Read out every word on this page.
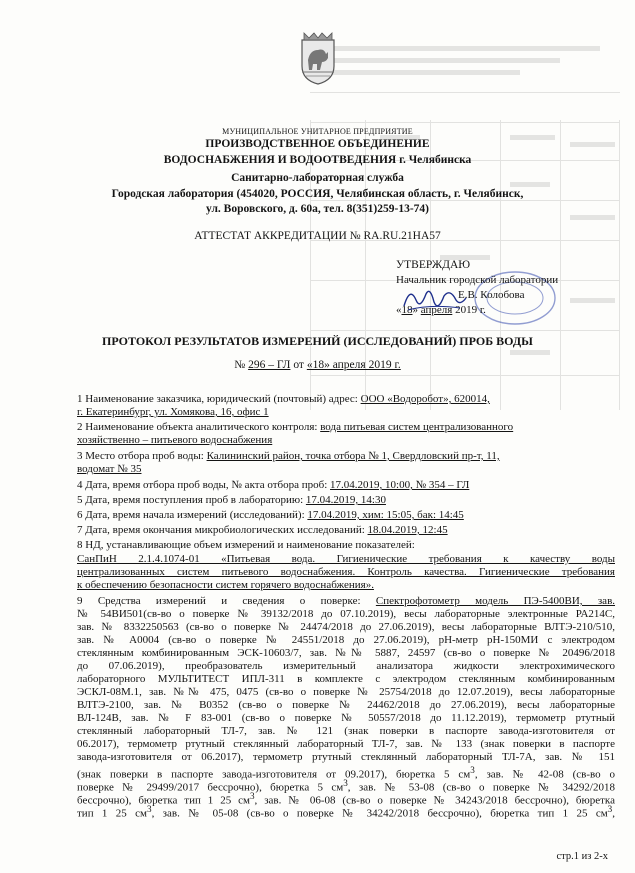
МУНИЦИПАЛЬНОЕ УНИТАРНОЕ ПРЕДПРИЯТИЕ
ПРОИЗВОДСТВЕННОЕ ОБЪЕДИНЕНИЕ
ВОДОСНАБЖЕНИЯ И ВОДООТВЕДЕНИЯ г. Челябинска
Санитарно-лабораторная служба
Городская лаборатория (454020, РОССИЯ, Челябинская область, г. Челябинск,
ул. Воровского, д. 60а, тел. 8(351)259-13-74)
АТТЕСТАТ АККРЕДИТАЦИИ № RA.RU.21HA57
УТВЕРЖДАЮ
Начальник городской лаборатории
Е.В. Колобова
«18» апреля 2019 г.
ПРОТОКОЛ РЕЗУЛЬТАТОВ ИЗМЕРЕНИЙ (ИССЛЕДОВАНИЙ) ПРОБ ВОДЫ
№ 296 – ГЛ от «18» апреля 2019 г.
1 Наименование заказчика, юридический (почтовый) адрес: ООО «Водоробот», 620014,
г. Екатеринбург, ул. Хомякова, 16, офис 1
2 Наименование объекта аналитического контроля: вода питьевая систем централизованного
хозяйственно – питьевого водоснабжения
3 Место отбора проб воды: Калининский район, точка отбора № 1, Свердловский пр-т, 11,
водомат № 35
4 Дата, время отбора проб воды, № акта отбора проб: 17.04.2019, 10:00, № 354 – ГЛ
5 Дата, время поступления проб в лабораторию: 17.04.2019, 14:30
6 Дата, время начала измерений (исследований): 17.04.2019, хим: 15:05, бак: 14:45
7 Дата, время окончания микробиологических исследований: 18.04.2019, 12:45
8 НД, устанавливающие объем измерений и наименование показателей:
СанПиН 2.1.4.1074-01 «Питьевая вода. Гигиенические требования к качеству воды
централизованных систем питьевого водоснабжения. Контроль качества. Гигиенические требования
к обеспечению безопасности систем горячего водоснабжения».
9 Средства измерений и сведения о поверке: Спектрофотометр модель ПЭ-5400ВИ, зав.
№ 54ВИ501(св-во о поверке № 39132/2018 до 07.10.2019), весы лабораторные электронные РА214С,
зав. № 8332250563 (св-во о поверке № 24474/2018 до 27.06.2019), весы лабораторные ВЛТЭ-210/510,
зав. № А0004 (св-во о поверке № 24551/2018 до 27.06.2019), рН-метр рН-150МИ с электродом
стеклянным комбинированным ЭСК-10603/7, зав. №№ 5887, 24597 (св-во о поверке № 20496/2018
до 07.06.2019), преобразователь измерительный анализатора жидкости электрохимического
лабораторного МУЛЬТИТЕСТ ИПЛ-311 в комплекте с электродом стеклянным комбинированным
ЭСКЛ-08М.1, зав. №№ 475, 0475 (св-во о поверке № 25754/2018 до 12.07.2019), весы лабораторные
ВЛТЭ-2100, зав. № В0352 (св-во о поверке № 24462/2018 до 27.06.2019), весы лабораторные
ВЛ-124В, зав. № F 83-001 (св-во о поверке № 50557/2018 до 11.12.2019), термометр ртутный
стеклянный лабораторный ТЛ-7, зав. № 121 (знак поверки в паспорте завода-изготовителя от
06.2017), термометр ртутный стеклянный лабораторный ТЛ-7, зав. № 133 (знак поверки в паспорте
завода-изготовителя от 06.2017), термометр ртутный стеклянный лабораторный ТЛ-7А, зав. № 151
(знак поверки в паспорте завода-изготовителя от 09.2017), бюретка 5 $см^3$, зав. № 42-08 (св-во о
поверке № 29499/2017 бессрочно), бюретка 5 $см^3$, зав. № 53-08 (св-во о поверке № 34292/2018
бессрочно), бюретка тип 1 25 $см^3$, зав. № 06-08 (св-во о поверке № 34243/2018 бессрочно), бюретка
тип 1 25 $см^3$, зав. № 05-08 (св-во о поверке № 34242/2018 бессрочно), бюретка тип 1 25 $см^3$,
стр.1 из 2-х
